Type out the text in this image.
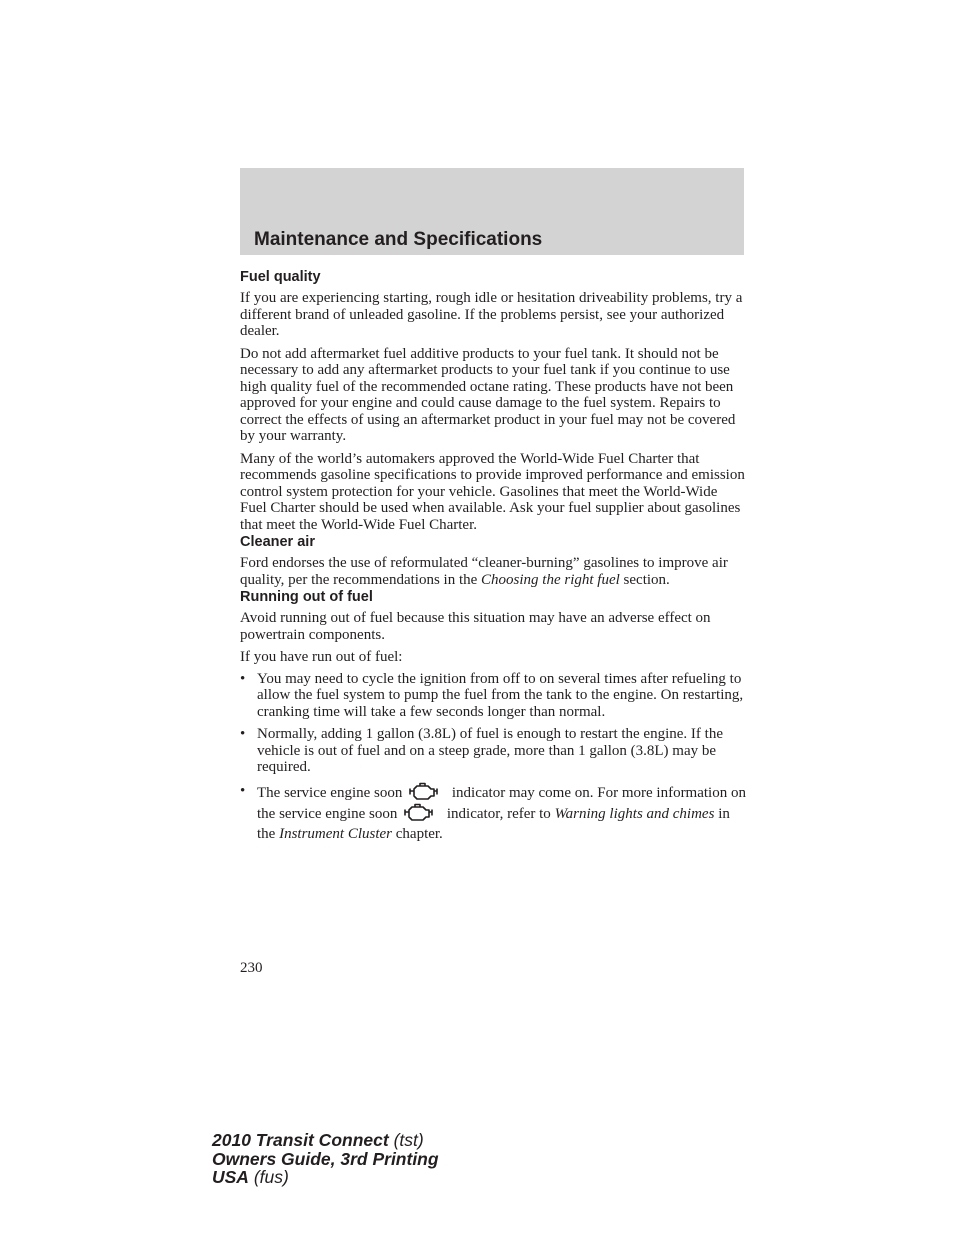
Maintenance and Specifications
Fuel quality

If you are experiencing starting, rough idle or hesitation driveability problems, try a different brand of unleaded gasoline. If the problems persist, see your authorized dealer.

Do not add aftermarket fuel additive products to your fuel tank. It should not be necessary to add any aftermarket products to your fuel tank if you continue to use high quality fuel of the recommended octane rating. These products have not been approved for your engine and could cause damage to the fuel system. Repairs to correct the effects of using an aftermarket product in your fuel may not be covered by your warranty.

Many of the world’s automakers approved the World-Wide Fuel Charter that recommends gasoline specifications to provide improved performance and emission control system protection for your vehicle. Gasolines that meet the World-Wide Fuel Charter should be used when available. Ask your fuel supplier about gasolines that meet the World-Wide Fuel Charter.

Cleaner air

Ford endorses the use of reformulated “cleaner-burning” gasolines to improve air quality, per the recommendations in the Choosing the right fuel section.

Running out of fuel

Avoid running out of fuel because this situation may have an adverse effect on powertrain components.

If you have run out of fuel:

• You may need to cycle the ignition from off to on several times after refueling to allow the fuel system to pump the fuel from the tank to the engine. On restarting, cranking time will take a few seconds longer than normal.
• Normally, adding 1 gallon (3.8L) of fuel is enough to restart the engine. If the vehicle is out of fuel and on a steep grade, more than 1 gallon (3.8L) may be required.
• The service engine soon	indicator may come on. For more information on the service engine soon	indicator, refer to Warning lights and chimes in the Instrument Cluster chapter.
230
2010 Transit Connect (tst)
Owners Guide, 3rd Printing
USA (fus)
